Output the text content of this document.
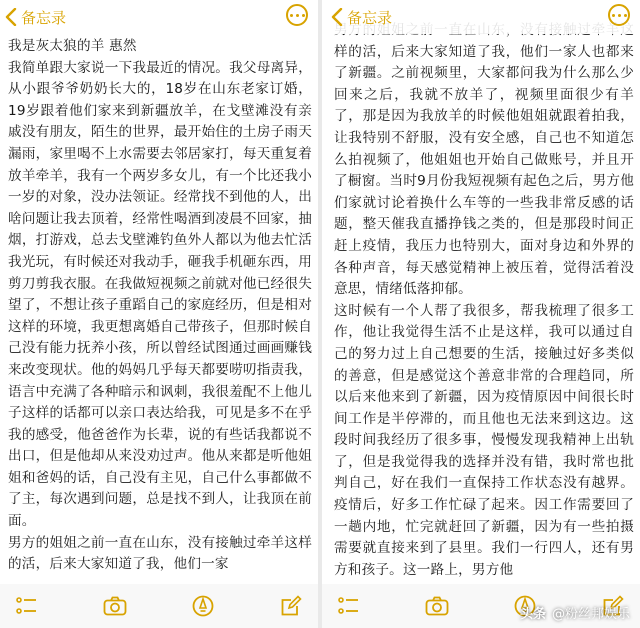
备忘录

我是灰太狼的羊 惠然

我简单跟大家说一下我最近的情况。我父母离异，从小跟爷爷奶奶长大的，18岁在山东老家订婚，19岁跟着他们家来到新疆放羊，在戈壁滩没有亲戚没有朋友，陌生的世界，最开始住的土房子雨天漏雨，家里喝不上水需要去邻居家打，每天重复着放羊牵羊，我有一个两岁多女儿，有一个比还我小一岁的对象，没办法领证。经常找不到他的人，出啥问题让我去顶着，经常性喝酒到凌晨不回家，抽烟，打游戏，总去戈壁滩钓鱼外人都以为他去忙活我光玩，有时候还对我动手，砸我手机砸东西，用剪刀剪我衣服。在我做短视频之前就对他已经很失望了，不想让孩子重蹈自己的家庭经历，但是相对这样的环境，我更想离婚自己带孩子，但那时候自己没有能力抚养小孩，所以曾经试图通过画画赚钱来改变现状。他的妈妈几乎每天都要唠叨指责我，语言中充满了各种暗示和讽刺，我很羞配不上他儿子这样的话都可以亲口表达给我，可见是多不在乎我的感受，他爸爸作为长辈，说的有些话我都说不出口，但是他却从来没劝过声。他从来都是听他姐姐和爸妈的话，自己没有主见，自己什么事都做不了主，每次遇到问题，总是找不到人，让我顶在前面。

男方的姐姐之前一直在山东，没有接触过牵羊这样的活，后来大家知道了我，他们一家

样的活，后来大家知道了我，他们一家人也都来了新疆。之前视频里，大家都问我为什么那么少回来之后，我就不放羊了，视频里面很少有羊了，那是因为我放羊的时候他姐姐就跟着拍我，让我特别不舒服，没有安全感，自己也不知道怎么拍视频了，他姐姐也开始自己做账号，并且开了橱窗。当时9月份我短视频有起色之后，男方他们家就讨论着换什么车等的一些我非常反感的话题，整天催我直播挣钱之类的，但是那段时间正赶上疫情，我压力也特别大，面对身边和外界的各种声音，每天感觉精神上被压着，觉得活着没意思，情绪低落抑郁。

这时候有一个人帮了我很多，帮我梳理了很多工作，他让我觉得生活不止是这样，我可以通过自己的努力过上自己想要的生活，接触过好多类似的善意，但是感觉这个善意非常的合理趋同，所以后来他来到了新疆，因为疫情原因中间很长时间工作是半停滞的，而且他也无法来到这边。这段时间我经历了很多事，慢慢发现我精神上出轨了，但是我觉得我的选择并没有错，我时常也批判自己，好在我们一直保持工作状态没有越界。疫情后，好多工作忙碌了起来。因工作需要回了一趟内地，忙完就赶回了新疆，因为有一些拍摄需要就直接来到了县里。我们一行四人，还有男方和孩子。这一路上，男方他

备忘录
头条 @粉丝邦娱乐
